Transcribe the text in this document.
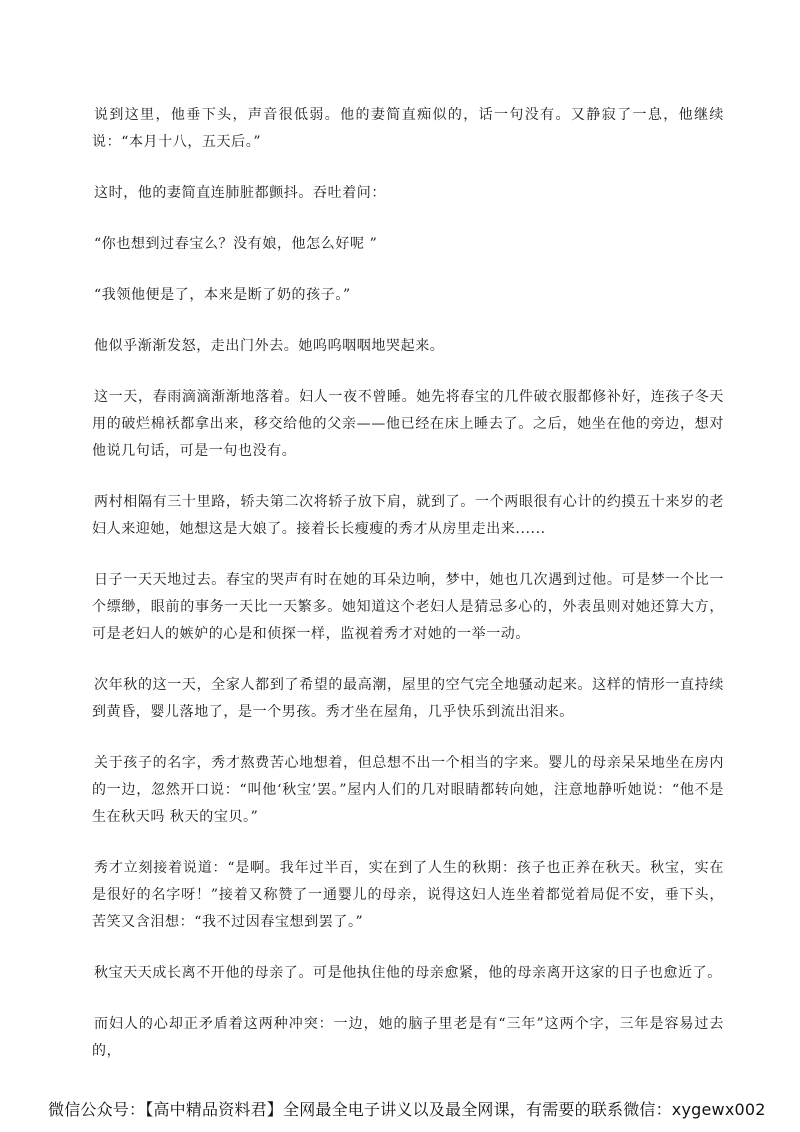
说到这里，他垂下头，声音很低弱。他的妻简直痴似的，话一句没有。又静寂了一息，他继续说：“本月十八，五天后。”

这时，他的妻简直连肺脏都颤抖。吞吐着问：

“你也想到过春宝么？没有娘，他怎么好呢 ”

“我领他便是了，本来是断了奶的孩子。”

他似乎渐渐发怒，走出门外去。她呜呜咽咽地哭起来。

这一天，春雨滴滴渐渐地落着。妇人一夜不曾睡。她先将春宝的几件破衣服都修补好，连孩子冬天用的破烂棉袄都拿出来，移交给他的父亲——他已经在床上睡去了。之后，她坐在他的旁边，想对他说几句话，可是一句也没有。

两村相隔有三十里路，轿夫第二次将轿子放下肩，就到了。一个两眼很有心计的约摸五十来岁的老妇人来迎她，她想这是大娘了。接着长长瘦瘦的秀才从房里走出来......

日子一天天地过去。春宝的哭声有时在她的耳朵边响，梦中，她也几次遇到过他。可是梦一个比一个缥缈，眼前的事务一天比一天繁多。她知道这个老妇人是猜忌多心的，外表虽则对她还算大方，可是老妇人的嫉妒的心是和侦探一样，监视着秀才对她的一举一动。

次年秋的这一天，全家人都到了希望的最高潮，屋里的空气完全地骚动起来。这样的情形一直持续到黄昏，婴儿落地了，是一个男孩。秀才坐在屋角，几乎快乐到流出泪来。

关于孩子的名字，秀才熬费苦心地想着，但总想不出一个相当的字来。婴儿的母亲呆呆地坐在房内的一边，忽然开口说：“叫他‘秋宝’罢。”屋内人们的几对眼睛都转向她，注意地静听她说：“他不是生在秋天吗 秋天的宝贝。”

秀才立刻接着说道：“是啊。我年过半百，实在到了人生的秋期：孩子也正养在秋天。秋宝，实在是很好的名字呀！”接着又称赞了一通婴儿的母亲，说得这妇人连坐着都觉着局促不安，垂下头，苦笑又含泪想：“我不过因春宝想到罢了。”

秋宝天天成长离不开他的母亲了。可是他执住他的母亲愈紧，他的母亲离开这家的日子也愈近了。

而妇人的心却正矛盾着这两种冲突：一边，她的脑子里老是有“三年”这两个字，三年是容易过去的，

微信公众号：【高中精品资料君】全网最全电子讲义以及最全网课，有需要的联系微信：xygewx002
